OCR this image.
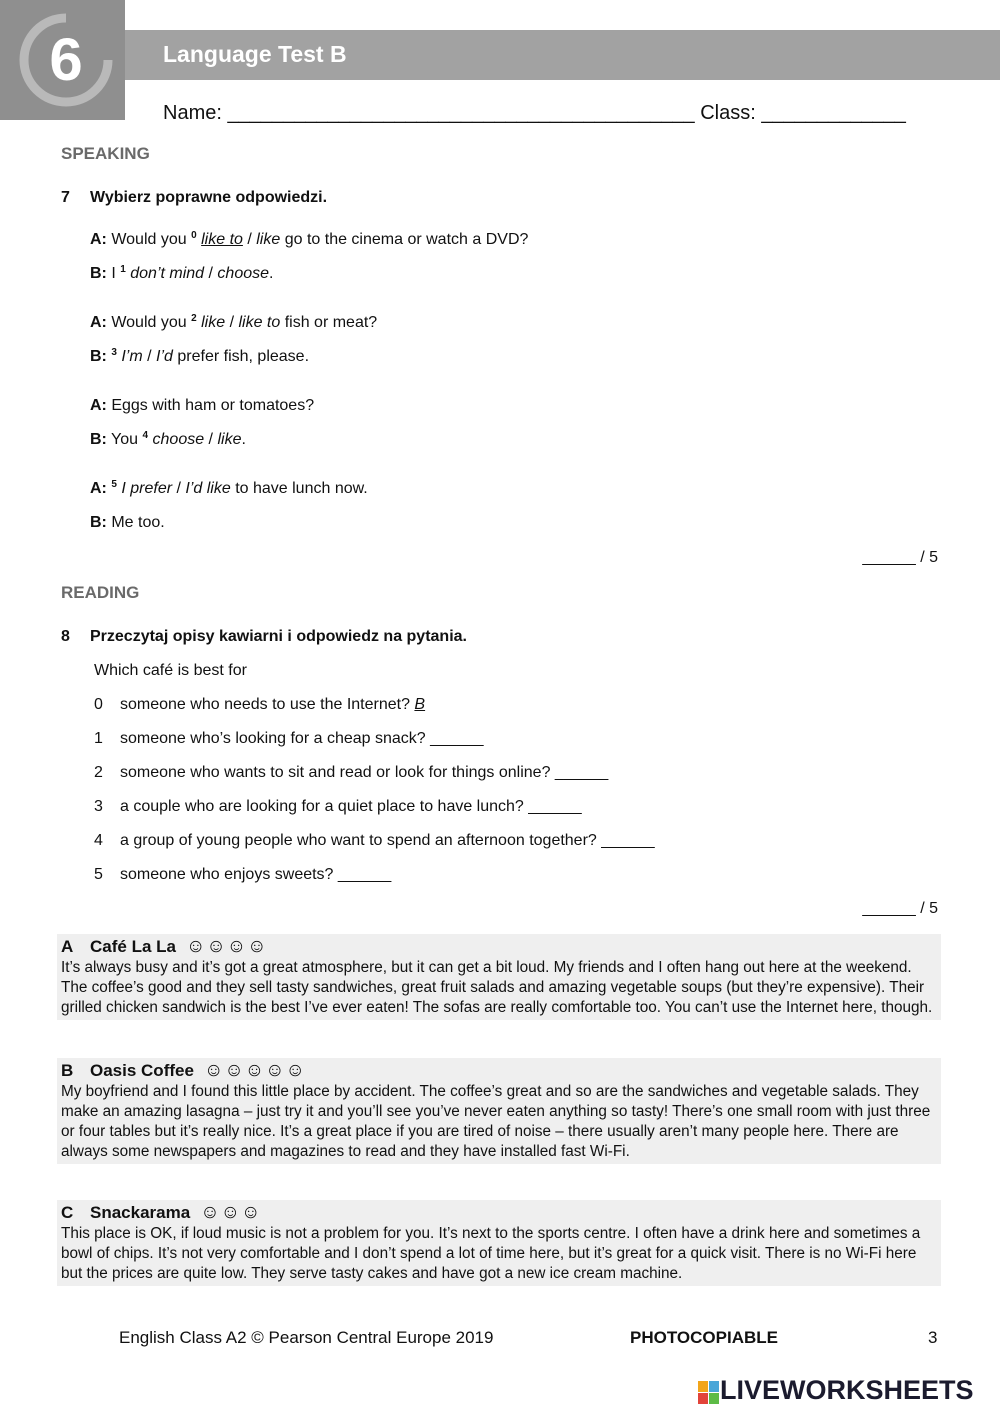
6	Language Test B
Name: __________________________________________ Class: _____________
SPEAKING
7 Wybierz poprawne odpowiedzi.
A: Would you $^0$ like to / like go to the cinema or watch a DVD?
B: I $^1$ don’t mind / choose.
A: Would you $^2$ like / like to fish or meat?
B: $^3$ I’m / I’d prefer fish, please.
A: Eggs with ham or tomatoes?
B: You $^4$ choose / like.
A: $^5$ I prefer / I’d like to have lunch now.
B: Me too.
______ / 5
READING
8 Przeczytaj opisy kawiarni i odpowiedz na pytania.
Which café is best for
0 someone who needs to use the Internet? B
1 someone who’s looking for a cheap snack? ______
2 someone who wants to sit and read or look for things online? ______
3 a couple who are looking for a quiet place to have lunch? ______
4 a group of young people who want to spend an afternoon together? ______
5 someone who enjoys sweets? ______
______ / 5
A Café La La ☺☺☺☺
It’s always busy and it’s got a great atmosphere, but it can get a bit loud. My friends and I often hang out here at the weekend. The coffee’s good and they sell tasty sandwiches, great fruit salads and amazing vegetable soups (but they’re expensive). Their grilled chicken sandwich is the best I’ve ever eaten! The sofas are really comfortable too. You can’t use the Internet here, though.
B Oasis Coffee ☺☺☺☺☺
My boyfriend and I found this little place by accident. The coffee’s great and so are the sandwiches and vegetable salads. They make an amazing lasagna – just try it and you’ll see you’ve never eaten anything so tasty! There’s one small room with just three or four tables but it’s really nice. It’s a great place if you are tired of noise – there usually aren’t many people here. There are always some newspapers and magazines to read and they have installed fast Wi-Fi.
C Snackarama ☺☺☺
This place is OK, if loud music is not a problem for you. It’s next to the sports centre. I often have a drink here and sometimes a bowl of chips. It’s not very comfortable and I don’t spend a lot of time here, but it’s great for a quick visit. There is no Wi-Fi here but the prices are quite low. They serve tasty cakes and have got a new ice cream machine.
English Class A2 © Pearson Central Europe 2019	PHOTOCOPIABLE	3
LIVEWORKSHEETS
